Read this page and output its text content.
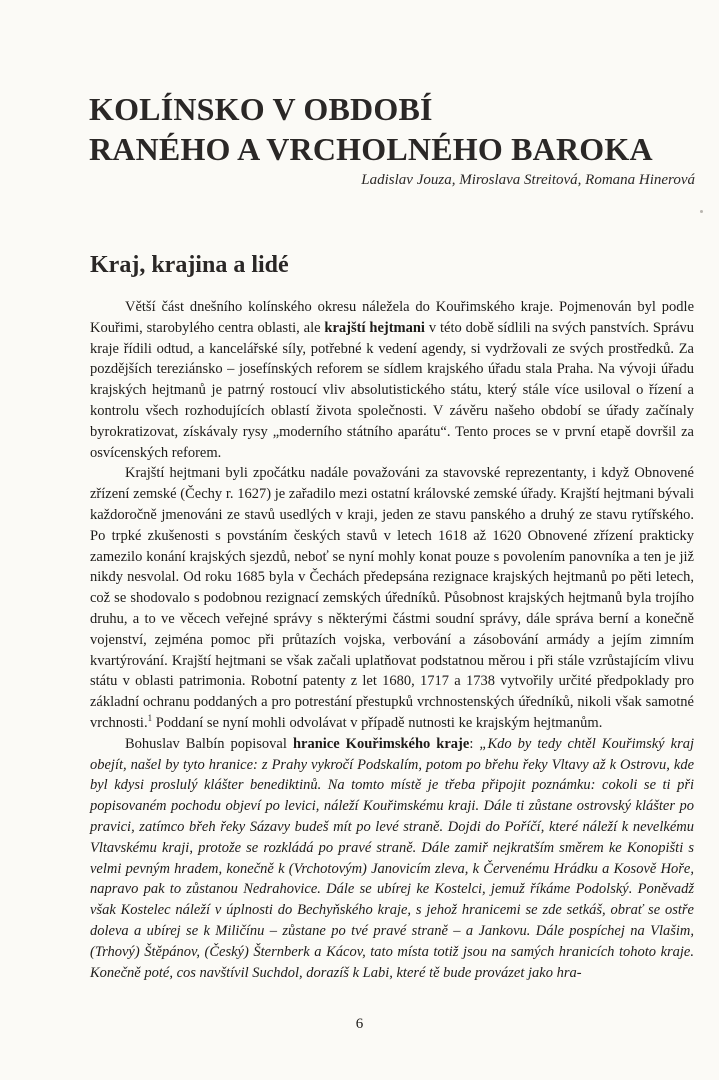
KOLÍNSKO V OBDOBÍ
RANÉHO A VRCHOLNÉHO BAROKA
Ladislav Jouza, Miroslava Streitová, Romana Hinerová
Kraj, krajina a lidé

Větší část dnešního kolínského okresu náležela do Kouřimského kraje. Pojmenován byl podle Kouřimi, starobylého centra oblasti, ale krajští hejtmani v této době sídlili na svých panstvích. Správu kraje řídili odtud, a kancelářské síly, potřebné k vedení agendy, si vydržovali ze svých prostředků. Za pozdějších tereziánsko – josefínských reforem se sídlem krajského úřadu stala Praha. Na vývoji úřadu krajských hejtmanů je patrný rostoucí vliv absolutistického státu, který stále více usiloval o řízení a kontrolu všech rozhodujících oblastí života společnosti. V závěru našeho období se úřady začínaly byrokratizovat, získávaly rysy „moderního státního aparátu“. Tento proces se v první etapě dovršil za osvícenských reforem.

Krajští hejtmani byli zpočátku nadále považováni za stavovské reprezentanty, i když Obnovené zřízení zemské (Čechy r. 1627) je zařadilo mezi ostatní královské zemské úřady. Krajští hejtmani bývali každoročně jmenováni ze stavů usedlých v kraji, jeden ze stavu panského a druhý ze stavu rytířského. Po trpké zkušenosti s povstáním českých stavů v letech 1618 až 1620 Obnovené zřízení prakticky zamezilo konání krajských sjezdů, neboť se nyní mohly konat pouze s povolením panovníka a ten je již nikdy nesvolal. Od roku 1685 byla v Čechách předepsána rezignace krajských hejtmanů po pěti letech, což se shodovalo s podobnou rezignací zemských úředníků. Působnost krajských hejtmanů byla trojího druhu, a to ve věcech veřejné správy s některými částmi soudní správy, dále správa berní a konečně vojenství, zejména pomoc při průtazích vojska, verbování a zásobování armády a jejím zimním kvartýrování. Krajští hejtmani se však začali uplatňovat podstatnou měrou i při stále vzrůstajícím vlivu státu v oblasti patrimonia. Robotní patenty z let 1680, 1717 a 1738 vytvořily určité předpoklady pro základní ochranu poddaných a pro potrestání přestupků vrchnostenských úředníků, nikoli však samotné vrchnosti.$^1$ Poddaní se nyní mohli odvolávat v případě nutnosti ke krajským hejtmanům.

Bohuslav Balbín popisoval hranice Kouřimského kraje: „Kdo by tedy chtěl Kouřimský kraj obejít, našel by tyto hranice: z Prahy vykročí Podskalím, potom po břehu řeky Vltavy až k Ostrovu, kde byl kdysi proslulý klášter benediktinů. Na tomto místě je třeba připojit poznámku: cokoli se ti při popisovaném pochodu objeví po levici, náleží Kouřimskému kraji. Dále ti zůstane ostrovský klášter po pravici, zatímco břeh řeky Sázavy budeš mít po levé straně. Dojdi do Poříčí, které náleží k nevelkému Vltavskému kraji, protože se rozkládá po pravé straně. Dále zamiř nejkratším směrem ke Konopišti s velmi pevným hradem, konečně k (Vrchotovým) Janovicím zleva, k Červenému Hrádku a Kosově Hoře, napravo pak to zůstanou Nedrahovice. Dále se ubírej ke Kostelci, jemuž říkáme Podolský. Poněvadž však Kostelec náleží v úplnosti do Bechyňského kraje, s jehož hranicemi se zde setkáš, obrať se ostře doleva a ubírej se k Miličínu – zůstane po tvé pravé straně – a Jankovu. Dále pospíchej na Vlašim, (Trhový) Štěpánov, (Český) Šternberk a Kácov, tato místa totiž jsou na samých hranicích tohoto kraje. Konečně poté, cos navštívil Suchdol, dorazíš k Labi, které tě bude provázet jako hra-

6
